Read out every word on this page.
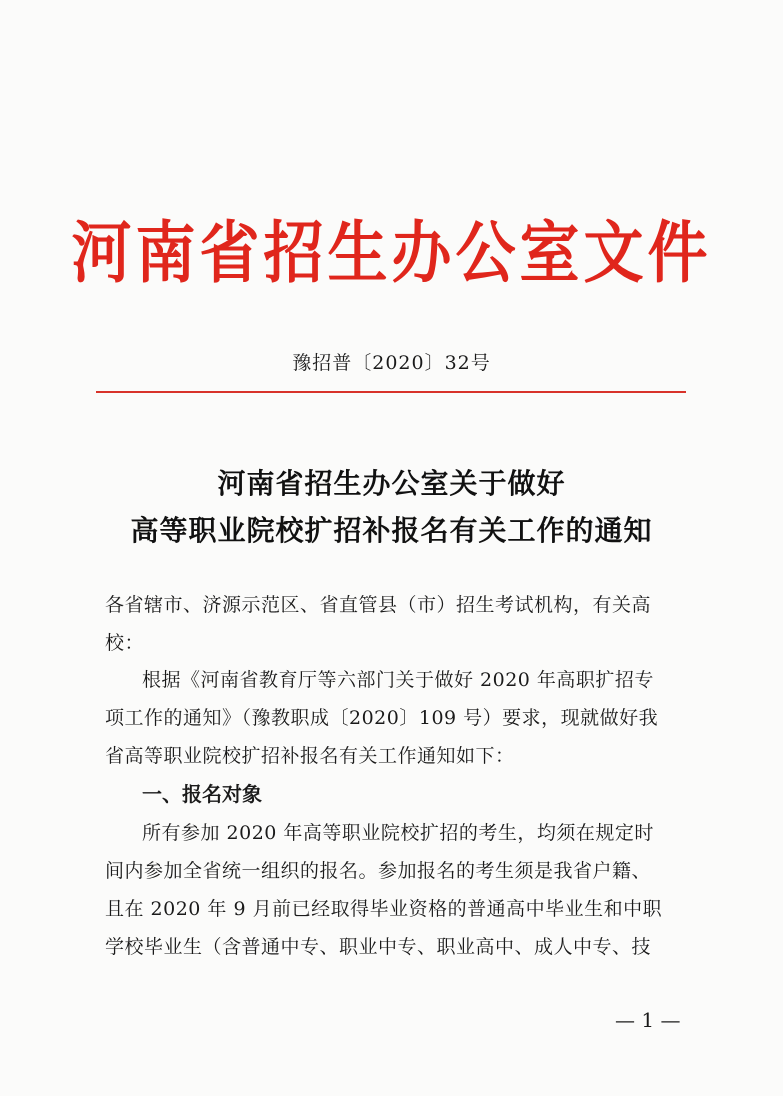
河南省招生办公室文件
豫招普〔2020〕32号
河南省招生办公室关于做好
高等职业院校扩招补报名有关工作的通知
各省辖市、济源示范区、省直管县（市）招生考试机构，有关高
校：
根据《河南省教育厅等六部门关于做好 2020 年高职扩招专
项工作的通知》（豫教职成〔2020〕109 号）要求，现就做好我
省高等职业院校扩招补报名有关工作通知如下：
一、报名对象
所有参加 2020 年高等职业院校扩招的考生，均须在规定时
间内参加全省统一组织的报名。参加报名的考生须是我省户籍、
且在 2020 年 9 月前已经取得毕业资格的普通高中毕业生和中职
学校毕业生（含普通中专、职业中专、职业高中、成人中专、技
— 1 —
